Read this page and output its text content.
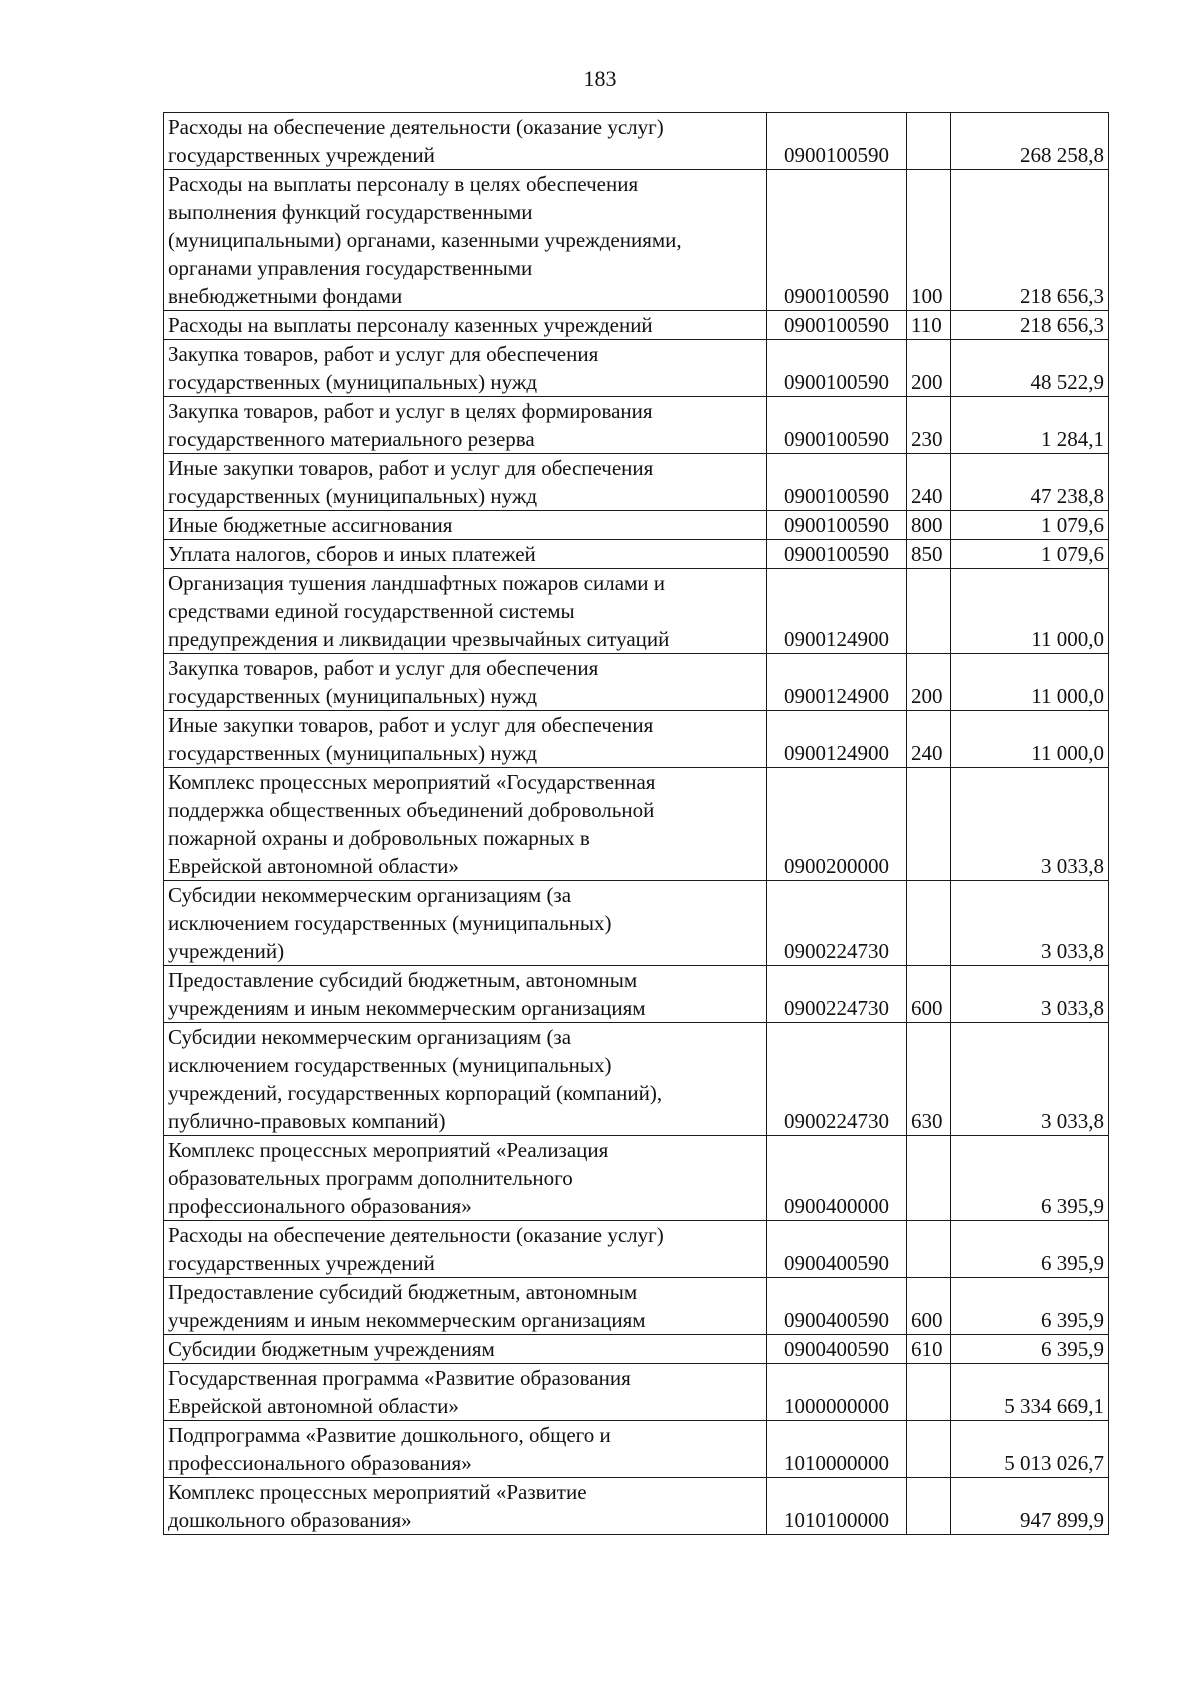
183
Расходы на обеспечение деятельности (оказание услуг)
государственных учреждений	0900100590		268 258,8
Расходы на выплаты персоналу в целях обеспечения
выполнения функций государственными
(муниципальными) органами, казенными учреждениями,
органами управления государственными
внебюджетными фондами	0900100590	100	218 656,3
Расходы на выплаты персоналу казенных учреждений	0900100590	110	218 656,3
Закупка товаров, работ и услуг для обеспечения
государственных (муниципальных) нужд	0900100590	200	48 522,9
Закупка товаров, работ и услуг в целях формирования
государственного материального резерва	0900100590	230	1 284,1
Иные закупки товаров, работ и услуг для обеспечения
государственных (муниципальных) нужд	0900100590	240	47 238,8
Иные бюджетные ассигнования	0900100590	800	1 079,6
Уплата налогов, сборов и иных платежей	0900100590	850	1 079,6
Организация тушения ландшафтных пожаров силами и
средствами единой государственной системы
предупреждения и ликвидации чрезвычайных ситуаций	0900124900		11 000,0
Закупка товаров, работ и услуг для обеспечения
государственных (муниципальных) нужд	0900124900	200	11 000,0
Иные закупки товаров, работ и услуг для обеспечения
государственных (муниципальных) нужд	0900124900	240	11 000,0
Комплекс процессных мероприятий «Государственная
поддержка общественных объединений добровольной
пожарной охраны и добровольных пожарных в
Еврейской автономной области»	0900200000		3 033,8
Субсидии некоммерческим организациям (за
исключением государственных (муниципальных)
учреждений)	0900224730		3 033,8
Предоставление субсидий бюджетным, автономным
учреждениям и иным некоммерческим организациям	0900224730	600	3 033,8
Субсидии некоммерческим организациям (за
исключением государственных (муниципальных)
учреждений, государственных корпораций (компаний),
публично-правовых компаний)	0900224730	630	3 033,8
Комплекс процессных мероприятий «Реализация
образовательных программ дополнительного
профессионального образования»	0900400000		6 395,9
Расходы на обеспечение деятельности (оказание услуг)
государственных учреждений	0900400590		6 395,9
Предоставление субсидий бюджетным, автономным
учреждениям и иным некоммерческим организациям	0900400590	600	6 395,9
Субсидии бюджетным учреждениям	0900400590	610	6 395,9
Государственная программа «Развитие образования
Еврейской автономной области»	1000000000		5 334 669,1
Подпрограмма «Развитие дошкольного, общего и
профессионального образования»	1010000000		5 013 026,7
Комплекс процессных мероприятий «Развитие
дошкольного образования»	1010100000		947 899,9
